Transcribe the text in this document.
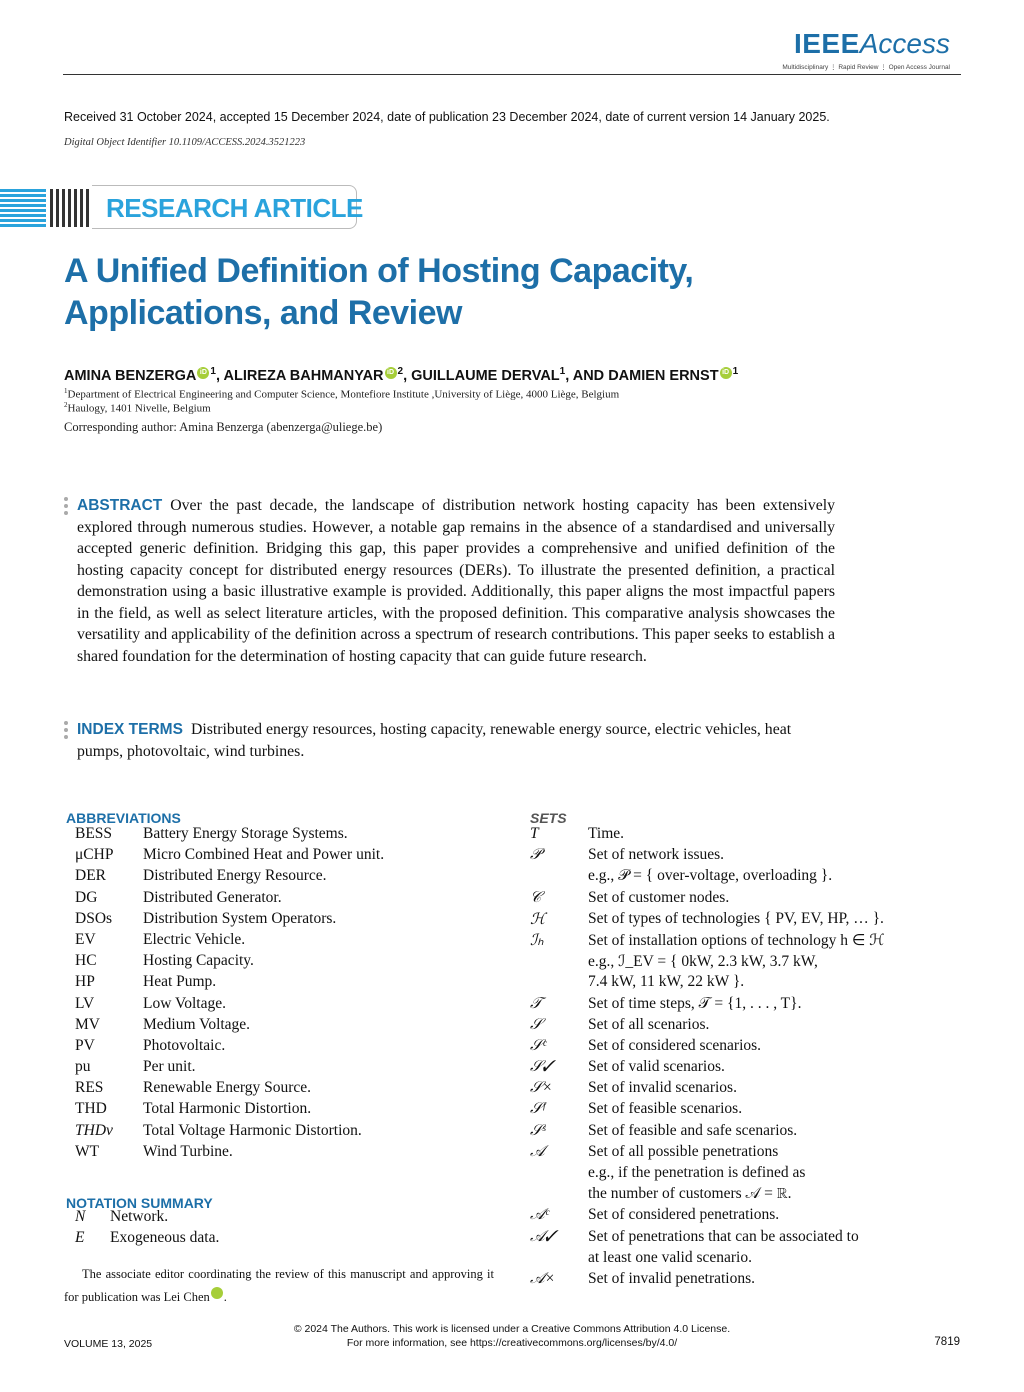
IEEEAccess
Multidisciplinary ⋮ Rapid Review ⋮ Open Access Journal
Received 31 October 2024, accepted 15 December 2024, date of publication 23 December 2024, date of current version 14 January 2025.
Digital Object Identifier 10.1109/ACCESS.2024.3521223
RESEARCH ARTICLE
A Unified Definition of Hosting Capacity,
Applications, and Review
AMINA BENZERGA iD $^1$, ALIREZA BAHMANYAR iD $^2$, GUILLAUME DERVAL$^1$, AND DAMIEN ERNST iD $^1$
$^1$Department of Electrical Engineering and Computer Science, Montefiore Institute ,University of Liège, 4000 Liège, Belgium
$^2$Haulogy, 1401 Nivelle, Belgium
Corresponding author: Amina Benzerga (abenzerga@uliege.be)
ABSTRACT Over the past decade, the landscape of distribution network hosting capacity has been extensively explored through numerous studies. However, a notable gap remains in the absence of a standardised and universally accepted generic definition. Bridging this gap, this paper provides a comprehensive and unified definition of the hosting capacity concept for distributed energy resources (DERs). To illustrate the presented definition, a practical demonstration using a basic illustrative example is provided. Additionally, this paper aligns the most impactful papers in the field, as well as select literature articles, with the proposed definition. This comparative analysis showcases the versatility and applicability of the definition across a spectrum of research contributions. This paper seeks to establish a shared foundation for the determination of hosting capacity that can guide future research.
INDEX TERMS Distributed energy resources, hosting capacity, renewable energy source, electric vehicles, heat pumps, photovoltaic, wind turbines.
ABBREVIATIONS
BESS Battery Energy Storage Systems.
μCHP Micro Combined Heat and Power unit.
DER Distributed Energy Resource.
DG	Distributed Generator.
DSOs Distribution System Operators.
EV	Electric Vehicle.
HC	Hosting Capacity.
HP	Heat Pump.
LV	Low Voltage.
MV	Medium Voltage.
PV	Photovoltaic.
pu	Per unit.
RES	Renewable Energy Source.
THD Total Harmonic Distortion.
THDv Total Voltage Harmonic Distortion.
WT	Wind Turbine.
NOTATION SUMMARY
N Network.
E Exogeneous data.
The associate editor coordinating the review of this manuscript and approving it for publication was Lei Chen	iD.
SETS
T	Time.
𝒫	Set of network issues.
e.g., 𝒫 = { over-voltage, overloading }.
𝒞	Set of customer nodes.
ℋ	Set of types of technologies { PV, EV, HP, … }.
ℐₕ	Set of installation options of technology h ∈ ℋ
e.g., ℐ_EV = { 0kW, 2.3 kW, 3.7 kW,
7.4 kW, 11 kW, 22 kW }.
𝒯	Set of time steps, 𝒯 = {1, . . . , T}.
𝒮	Set of all scenarios.
𝒮ᶜ	Set of considered scenarios.
𝒮✓ Set of valid scenarios.
𝒮× Set of invalid scenarios.
𝒮ᶠ	Set of feasible scenarios.
𝒮ˢ	Set of feasible and safe scenarios.
𝒜	Set of all possible penetrations
e.g., if the penetration is defined as
the number of customers 𝒜 = ℝ.
𝒜ᶜ	Set of considered penetrations.
𝒜✓ Set of penetrations that can be associated to
at least one valid scenario.
𝒜× Set of invalid penetrations.
© 2024 The Authors. This work is licensed under a Creative Commons Attribution 4.0 License.
For more information, see https://creativecommons.org/licenses/by/4.0/
VOLUME 13, 2025	7819
